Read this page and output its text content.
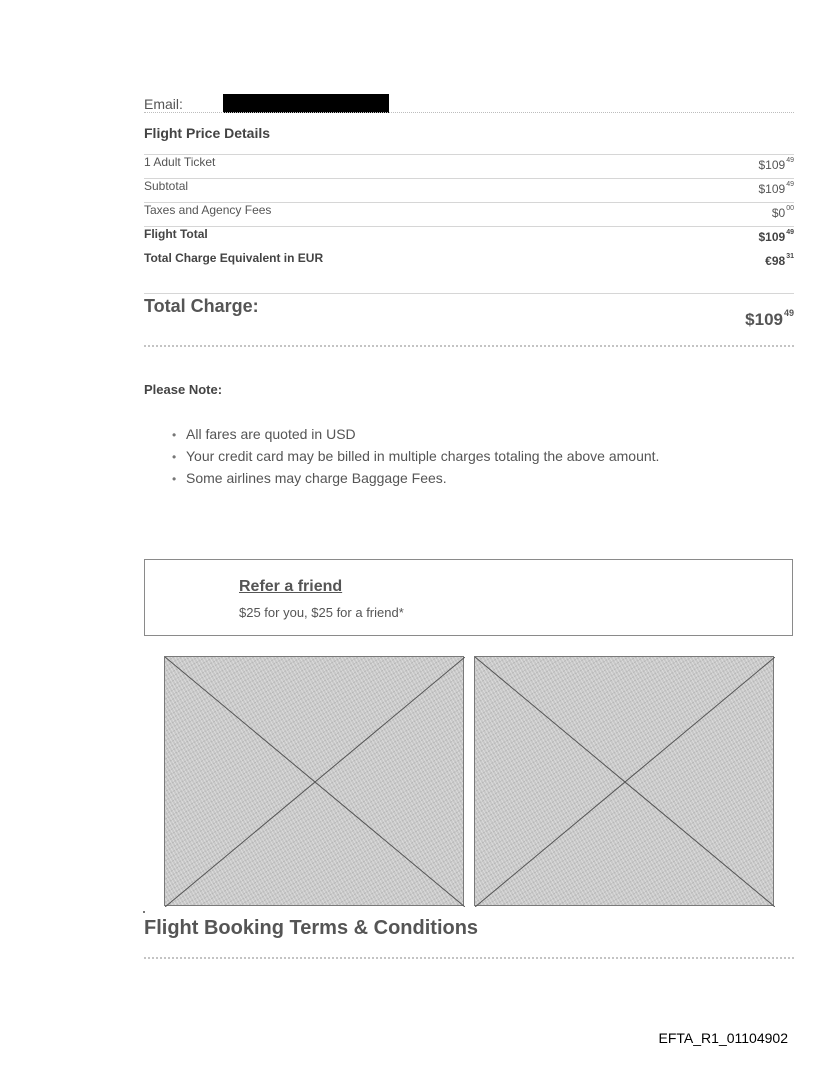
Email:
Flight Price Details
1 Adult Ticket	$\$109^{49}$
Subtotal	$\$109^{49}$
Taxes and Agency Fees	$\$0^{00}$
Flight Total	$\$109^{49}$
Total Charge Equivalent in EUR	$€98^{31}$
Total Charge:
$\$109^{49}$
Please Note:
• All fares are quoted in USD
• Your credit card may be billed in multiple charges totaling the above amount.
• Some airlines may charge Baggage Fees.
Refer a friend
$25 for you, $25 for a friend*
Flight Booking Terms & Conditions
EFTA_R1_01104902
